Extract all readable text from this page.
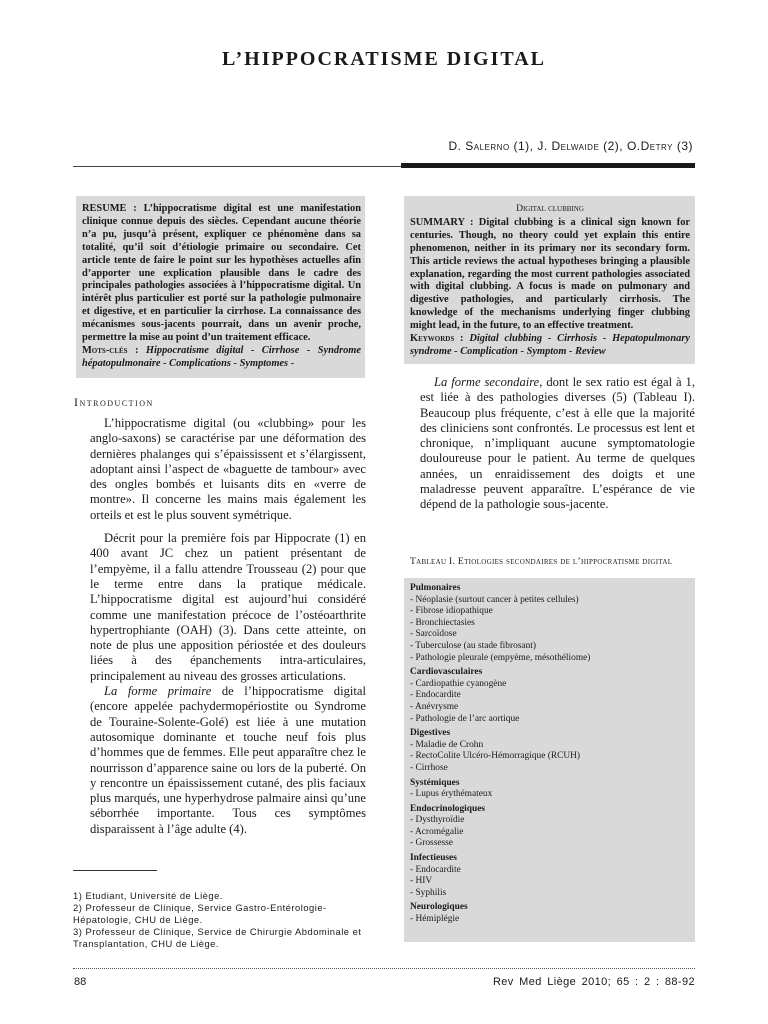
L’HIPPOCRATISME DIGITAL
D. Salerno (1), J. Delwaide (2), O.Detry (3)
RESUME : L’hippocratisme digital est une manifestation clinique connue depuis des siècles. Cependant aucune théorie n’a pu, jusqu’à présent, expliquer ce phénomène dans sa totalité, qu’il soit d’étiologie primaire ou secondaire. Cet article tente de faire le point sur les hypothèses actuelles afin d’apporter une explication plausible dans le cadre des principales pathologies associées à l’hippocratisme digital. Un intérêt plus particulier est porté sur la pathologie pulmonaire et digestive, et en particulier la cirrhose. La connaissance des mécanismes sous-jacents pourrait, dans un avenir proche, permettre la mise au point d’un traitement efficace.
Mots-clés : Hippocratisme digital - Cirrhose - Syndrome hépatopulmonaire - Complications - Symptomes -
Digital clubbing
SUMMARY : Digital clubbing is a clinical sign known for centuries. Though, no theory could yet explain this entire phenomenon, neither in its primary nor its secondary form. This article reviews the actual hypotheses bringing a plausible explanation, regarding the most current pathologies associated with digital clubbing. A focus is made on pulmonary and digestive pathologies, and particularly cirrhosis. The knowledge of the mechanisms underlying finger clubbing might lead, in the future, to an effective treatment.
Keywords : Digital clubbing - Cirrhosis - Hepatopulmonary syndrome - Complication - Symptom - Review
Introduction

L’hippocratisme digital (ou «clubbing» pour les anglo-saxons) se caractérise par une déformation des dernières phalanges qui s’épaississent et s’élargissent, adoptant ainsi l’aspect de «baguette de tambour» avec des ongles bombés et luisants dits en «verre de montre». Il concerne les mains mais également les orteils et est le plus souvent symétrique.

Décrit pour la première fois par Hippocrate (1) en 400 avant JC chez un patient présentant de l’empyème, il a fallu attendre Trousseau (2) pour que le terme entre dans la pratique médicale. L’hippocratisme digital est aujourd’hui considéré comme une manifestation précoce de l’ostéoarthrite hypertrophiante (OAH) (3). Dans cette atteinte, on note de plus une apposition périostée et des douleurs liées à des épanchements intra-articulaires, principalement au niveau des grosses articulations.

La forme primaire de l’hippocratisme digital (encore appelée pachydermopériostite ou Syndrome de Touraine-Solente-Golé) est liée à une mutation autosomique dominante et touche neuf fois plus d’hommes que de femmes. Elle peut apparaître chez le nourrisson d’apparence saine ou lors de la puberté. On y rencontre un épaississement cutané, des plis faciaux plus marqués, une hyperhydrose palmaire ainsi qu’une séborrhée importante. Tous ces symptômes disparaissent à l’âge adulte (4).

La forme secondaire, dont le sex ratio est égal à 1, est liée à des pathologies diverses (5) (Tableau I). Beaucoup plus fréquente, c’est à elle que la majorité des cliniciens sont confrontés. Le processus est lent et chronique, n’impliquant aucune symptomatologie douloureuse pour le patient. Au terme de quelques années, un enraidissement des doigts et une maladresse peuvent apparaître. L’espérance de vie dépend de la pathologie sous-jacente.

1) Etudiant, Université de Liège.
2) Professeur de Clinique, Service Gastro-Entérologie-Hépatologie, CHU de Liège.
3) Professeur de Clinique, Service de Chirurgie Abdominale et Transplantation, CHU de Liège.
Tableau I. Etiologies secondaires de l’hippocratisme digital
Pulmonaires
- Néoplasie (surtout cancer à petites cellules)
- Fibrose idiopathique
- Bronchiectasies
- Sarcoïdose
- Tuberculose (au stade fibrosant)
- Pathologie pleurale (empyème, mésothéliome)
Cardiovasculaires
- Cardiopathie cyanogène
- Endocardite
- Anévrysme
- Pathologie de l’arc aortique
Digestives
- Maladie de Crohn
- RectoColite Ulcéro-Hémorragique (RCUH)
- Cirrhose
Systémiques
- Lupus érythémateux
Endocrinologiques
- Dysthyroïdie
- Acromégalie
- Grossesse
Infectieuses
- Endocardite
- HIV
- Syphilis
Neurologiques
- Hémiplégie
88	Rev Med Liège 2010; 65 : 2 : 88-92
